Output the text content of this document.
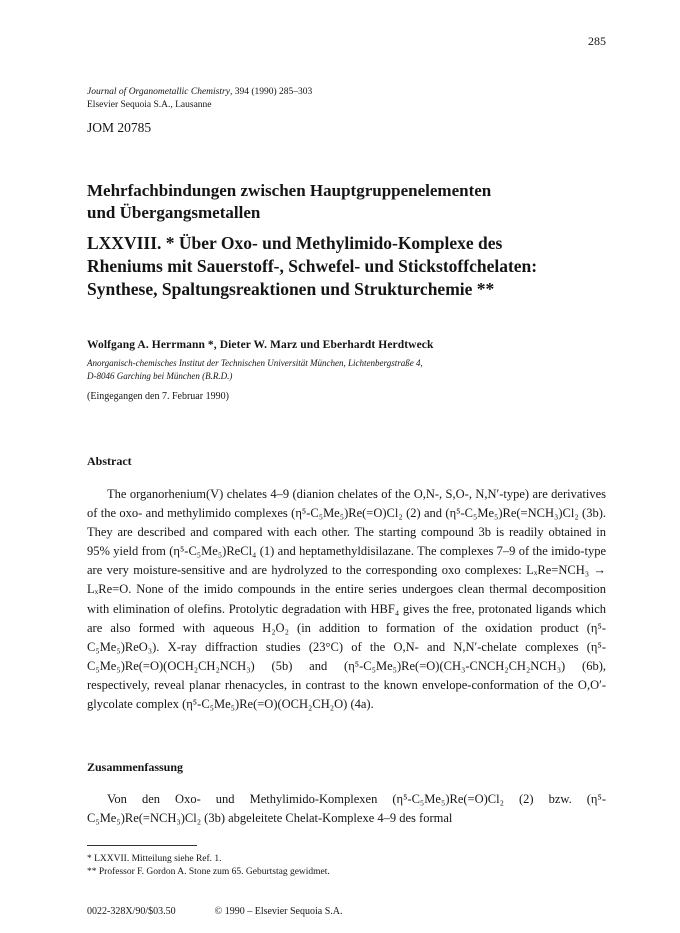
285
Journal of Organometallic Chemistry, 394 (1990) 285–303
Elsevier Sequoia S.A., Lausanne
JOM 20785
Mehrfachbindungen zwischen Hauptgruppenelementen
und Übergangsmetallen
LXXVIII. * Über Oxo- und Methylimido-Komplexe des
Rheniums mit Sauerstoff-, Schwefel- und Stickstoffchelaten:
Synthese, Spaltungsreaktionen und Strukturchemie **
Wolfgang A. Herrmann *, Dieter W. Marz und Eberhardt Herdtweck
Anorganisch-chemisches Institut der Technischen Universität München, Lichtenbergstraße 4,
D-8046 Garching bei München (B.R.D.)
(Eingegangen den 7. Februar 1990)
Abstract

The organorhenium(V) chelates 4–9 (dianion chelates of the O,N-, S,O-, N,N′-type) are derivatives of the oxo- and methylimido complexes (η⁵-C₅Me₅)Re(=O)Cl₂ (2) and (η⁵-C₅Me₅)Re(=NCH₃)Cl₂ (3b). They are described and compared with each other. The starting compound 3b is readily obtained in 95% yield from (η⁵-C₅Me₅)ReCl₄ (1) and heptamethyldisilazane. The complexes 7–9 of the imido-type are very moisture-sensitive and are hydrolyzed to the corresponding oxo complexes: LₓRe=NCH₃ → LₓRe=O. None of the imido compounds in the entire series undergoes clean thermal decomposition with elimination of olefins. Protolytic degradation with HBF₄ gives the free, protonated ligands which are also formed with aqueous H₂O₂ (in addition to formation of the oxidation product (η⁵-C₅Me₅)ReO₃). X-ray diffraction studies (23°C) of the O,N- and N,N′-chelate complexes (η⁵-C₅Me₅)Re(=O)(OCH₂CH₂NCH₃) (5b) and (η⁵-C₅Me₅)Re(=O)(CH₃-CNCH₂CH₂NCH₃) (6b), respectively, reveal planar rhenacycles, in contrast to the known envelope-conformation of the O,O′-glycolate complex (η⁵-C₅Me₅)Re(=O)(OCH₂CH₂O) (4a).

Zusammenfassung

Von den Oxo- und Methylimido-Komplexen (η⁵-C₅Me₅)Re(=O)Cl₂ (2) bzw. (η⁵-C₅Me₅)Re(=NCH₃)Cl₂ (3b) abgeleitete Chelat-Komplexe 4–9 des formal

* LXXVII. Mitteilung siehe Ref. 1.
** Professor F. Gordon A. Stone zum 65. Geburtstag gewidmet.
0022-328X/90/$03.50	© 1990 – Elsevier Sequoia S.A.
